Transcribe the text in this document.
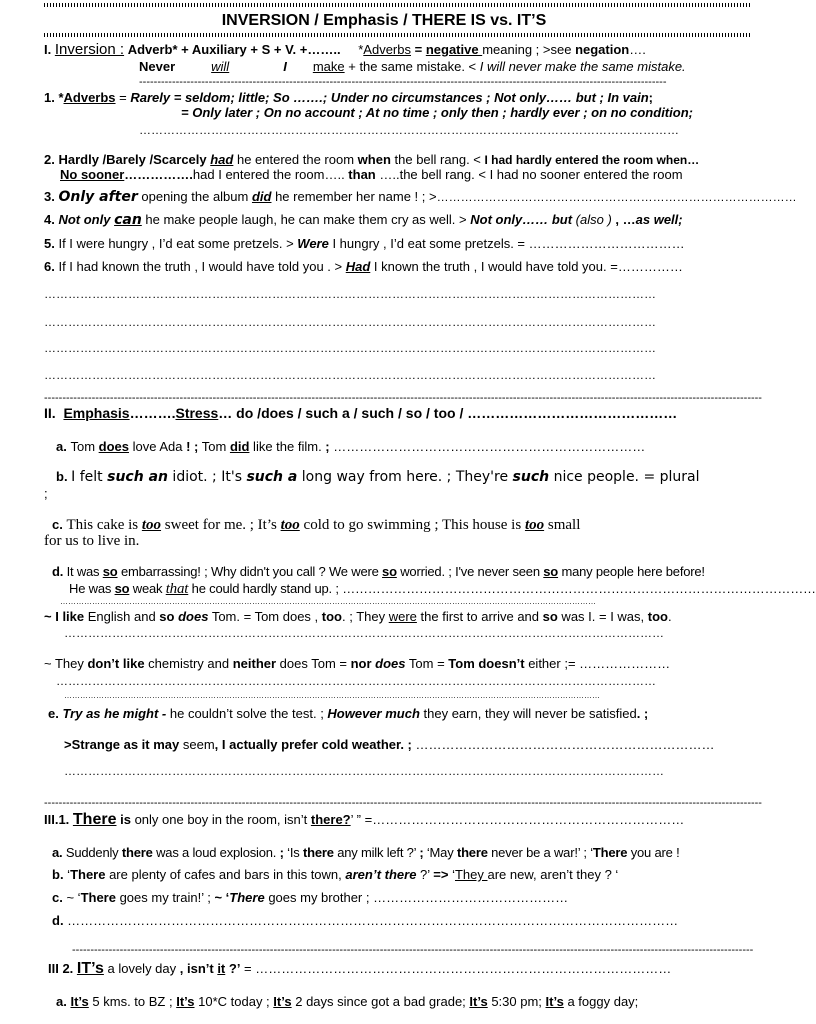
INVERSION / Emphasis / THERE IS vs. IT’S
I. Inversion : Adverb* + Auxiliary + S + V. +…….. *Adverbs = negative meaning ; >see negation….
Never	will	I make + the same mistake. < I will never make the same mistake.
------------------------------------------------------------------------------------------------------------------------------------------------
1. *Adverbs = Rarely = seldom; little; So …….; Under no circumstances ; Not only…… but ; In vain;
= Only later ; On no account ; At no time ; only then ; hardly ever ; on no condition;
………………………………………………………………………………………………………………………
2. Hardly /Barely /Scarcely had he entered the room when the bell rang. < I had hardly entered the room when…
No sooner…………….had I entered the room….. than …..the bell rang. < I had no sooner entered the room
3. Only after opening the album did he remember her name ! ; >………………………………………………………………………………
4. Not only can he make people laugh, he can make them cry as well. > Not only…… but (also ) , …as well;
5. If I were hungry , I’d eat some pretzels. > Were I hungry , I’d eat some pretzels. = ………………………………
6. If I had known the truth , I would have told you . > Had I known the truth , I would have told you. =……………
………………………………………………………………………………………………………………………………………
………………………………………………………………………………………………………………………………………
………………………………………………………………………………………………………………………………………
………………………………………………………………………………………………………………………………………
----------------------------------------------------------------------------------------------------------------------------------------------------------------------------------------------------
II. Emphasis……….Stress… do /does / such a / such / so / too / ………………………………………
a. Tom does love Ada ! ; Tom did like the film. ; ………………………………………………………………
b. I felt such an idiot. ; It's such a long way from here. ; They're such nice people. = plural
;
c. This cake is too sweet for me. ; It’s too cold to go swimming ; This house is too small
for us to live in.
d. It was so embarrassing! ; Why didn't you call ? We were so worried. ; I've never seen so many people here before!
He was so weak that he could hardly stand up. ; …………………………………………………………………………………………………
…………………………………………………………………………………………………………………………………………………………………………………
~ I like English and so does Tom. = Tom does , too. ; They were the first to arrive and so was I. = I was, too.
……………………………………………………………………………………………………………………………………
~ They don’t like chemistry and neither does Tom = nor does Tom = Tom doesn’t either ;= …………………
……………………………………………………………………………………………………………………………………
…………………………………………………………………………………………………………………………………………………………………………………
e. Try as he might - he couldn’t solve the test. ; However much they earn, they will never be satisfied. ;
>Strange as it may seem, I actually prefer cold weather. ; ……………………………………………………………
……………………………………………………………………………………………………………………………………
----------------------------------------------------------------------------------------------------------------------------------------------------------------------------------------------------
III.1. There is only one boy in the room, isn’t there?’ ” =………………………………………………………………
a. Suddenly there was a loud explosion. ; ‘Is there any milk left ?’ ; ‘May there never be a war!’ ; ‘There you are !
b. ‘There are plenty of cafes and bars in this town, aren’t there ?’ => ‘They are new, aren’t they ? ‘
c. ~ ‘There goes my train!’ ; ~ ‘There goes my brother ; ………………………………………
d. ……………………………………………………………………………………………………………………………
------------------------------------------------------------------------------------------------------------------------------------------------------------------------------------------
III 2. IT’s a lovely day , isn’t it ?’ = ……………………………………………………………………………………
a. It’s 5 kms. to BZ ; It’s 10*C today ; It’s 2 days since got a bad grade; It’s 5:30 pm; It’s a foggy day;
